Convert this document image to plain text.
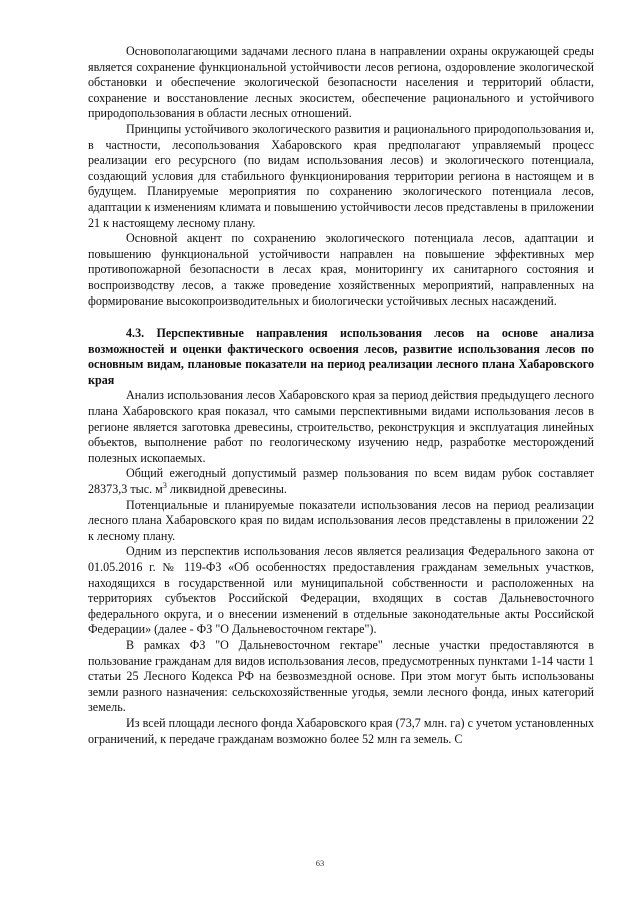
Основополагающими задачами лесного плана в направлении охраны окружающей среды является сохранение функциональной устойчивости лесов региона, оздоровление экологической обстановки и обеспечение экологической безопасности населения и территорий области, сохранение и восстановление лесных экосистем, обеспечение рационального и устойчивого природопользования в области лесных отношений.

Принципы устойчивого экологического развития и рационального природопользования и, в частности, лесопользования Хабаровского края предполагают управляемый процесс реализации его ресурсного (по видам использования лесов) и экологического потенциала, создающий условия для стабильного функционирования территории региона в настоящем и в будущем. Планируемые мероприятия по сохранению экологического потенциала лесов, адаптации к изменениям климата и повышению устойчивости лесов представлены в приложении 21 к настоящему лесному плану.

Основной акцент по сохранению экологического потенциала лесов, адаптации и повышению функциональной устойчивости направлен на повышение эффективных мер противопожарной безопасности в лесах края, мониторингу их санитарного состояния и воспроизводству лесов, а также проведение хозяйственных мероприятий, направленных на формирование высокопроизводительных и биологически устойчивых лесных насаждений.

4.3. Перспективные направления использования лесов на основе анализа возможностей и оценки фактического освоения лесов, развитие использования лесов по основным видам, плановые показатели на период реализации лесного плана Хабаровского края

Анализ использования лесов Хабаровского края за период действия предыдущего лесного плана Хабаровского края показал, что самыми перспективными видами использования лесов в регионе является заготовка древесины, строительство, реконструкция и эксплуатация линейных объектов, выполнение работ по геологическому изучению недр, разработке месторождений полезных ископаемых.

Общий ежегодный допустимый размер пользования по всем видам рубок составляет 28373,3 тыс. $м^3$ ликвидной древесины.

Потенциальные и планируемые показатели использования лесов на период реализации лесного плана Хабаровского края по видам использования лесов представлены в приложении 22 к лесному плану.

Одним из перспектив использования лесов является реализация Федерального закона от 01.05.2016 г. № 119-ФЗ «Об особенностях предоставления гражданам земельных участков, находящихся в государственной или муниципальной собственности и расположенных на территориях субъектов Российской Федерации, входящих в состав Дальневосточного федерального округа, и о внесении изменений в отдельные законодательные акты Российской Федерации» (далее - ФЗ "О Дальневосточном гектаре").

В рамках ФЗ "О Дальневосточном гектаре" лесные участки предоставляются в пользование гражданам для видов использования лесов, предусмотренных пунктами 1-14 части 1 статьи 25 Лесного Кодекса РФ на безвозмездной основе. При этом могут быть использованы земли разного назначения: сельскохозяйственные угодья, земли лесного фонда, иных категорий земель.

Из всей площади лесного фонда Хабаровского края (73,7 млн. га) с учетом установленных ограничений, к передаче гражданам возможно более 52 млн га земель. С

63
